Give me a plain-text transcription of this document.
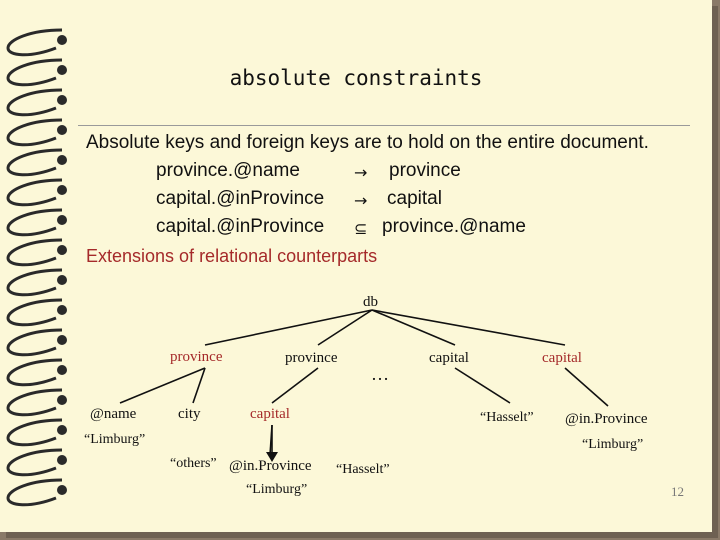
absolute constraints
Absolute keys and foreign keys are to hold on the entire document.
province.@name	→ province
capital.@inProvince → capital
capital.@inProvince ⊆ province.@name
Extensions of relational counterparts
db
province	province
…
capital	capital
@name
“Limburg”
city
“others”
capital
@in.Province “Hasselt”
“Limburg”
“Hasselt” @in.Province
“Limburg”
12
